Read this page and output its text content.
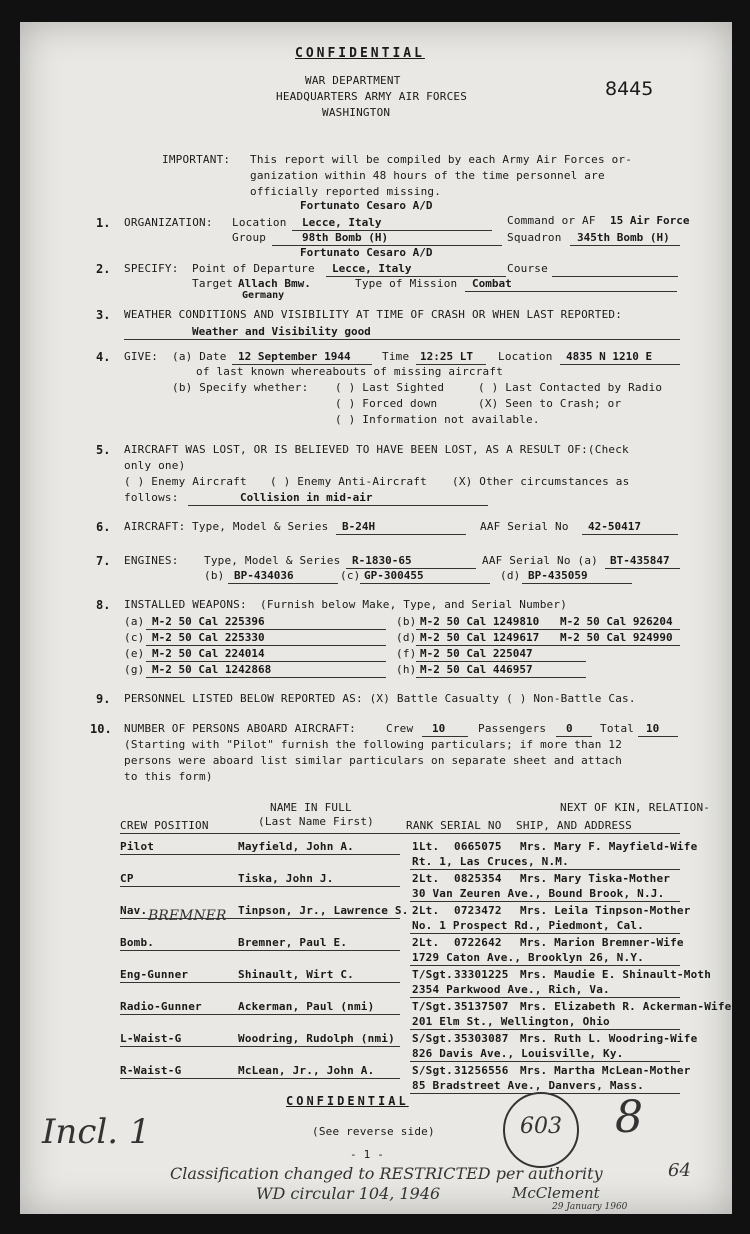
CONFIDENTIAL
WAR DEPARTMENT
HEADQUARTERS ARMY AIR FORCES
WASHINGTON
8445
IMPORTANT: This report will be compiled by each Army Air Forces or-
ganization within 48 hours of the time personnel are
officially reported missing.
Fortunato Cesaro A/D
1. ORGANIZATION: Location Lecce, Italy	Command or AF 15 Air Force
Group	98th Bomb (H)	Squadron 345th Bomb (H)
Fortunato Cesaro A/D
2. SPECIFY: Point of Departure Lecce, Italy	Course
Target Allach Bmw.
Germany
Type of Mission Combat
3. WEATHER CONDITIONS AND VISIBILITY AT TIME OF CRASH OR WHEN LAST REPORTED:
Weather and Visibility good
4. GIVE: (a) Date 12 September 1944	Time 12:25 LT Location 4835 N 1210 E
of last known whereabouts of missing aircraft
(b) Specify whether: ( ) Last Sighted	( ) Last Contacted by Radio
( ) Forced down	(X) Seen to Crash; or
( ) Information not available.
5. AIRCRAFT WAS LOST, OR IS BELIEVED TO HAVE BEEN LOST, AS A RESULT OF:(Check
only one)
( ) Enemy Aircraft ( ) Enemy Anti-Aircraft (X) Other circumstances as
follows:	Collision in mid-air
6. AIRCRAFT: Type, Model & Series B-24H	AAF Serial No 42-50417
7. ENGINES: Type, Model & Series R-1830-65	AAF Serial No (a) BT-435847
(b) BP-434036	(c) GP-300455	(d) BP-435059
8. INSTALLED WEAPONS: (Furnish below Make, Type, and Serial Number)
(a) M-2 50 Cal 225396	(b) M-2 50 Cal 1249810 M-2 50 Cal 926204
(c) M-2 50 Cal 225330	(d) M-2 50 Cal 1249617 M-2 50 Cal 924990
(e) M-2 50 Cal 224014	(f) M-2 50 Cal 225047
(g) M-2 50 Cal 1242868	(h) M-2 50 Cal 446957
9. PERSONNEL LISTED BELOW REPORTED AS: (X) Battle Casualty ( ) Non-Battle Cas.
10. NUMBER OF PERSONS ABOARD AIRCRAFT:	Crew 10	Passengers 0 Total 10
(Starting with "Pilot" furnish the following particulars; if more than 12
persons were aboard list similar particulars on separate sheet and attach
to this form)
NAME IN FULL
(Last Name First)
NEXT OF KIN, RELATION-
CREW POSITION	RANK SERIAL NO SHIP, AND ADDRESS
Pilot	Mayfield, John A.	1Lt. 0665075 Mrs. Mary F. Mayfield-Wife
Rt. 1, Las Cruces, N.M.
CP	Tiska, John J.	2Lt. 0825354 Mrs. Mary Tiska-Mother
30 Van Zeuren Ave., Bound Brook, N.J.
Nav.	Tinpson, Jr., Lawrence S. 2Lt. 0723472 Mrs. Leila Tinpson-Mother
No. 1 Prospect Rd., Piedmont, Cal.
Bomb.	Bremner, Paul E.	2Lt. 0722642 Mrs. Marion Bremner-Wife
1729 Caton Ave., Brooklyn 26, N.Y.
Eng-Gunner	Shinault, Wirt C.	T/Sgt. 33301225 Mrs. Maudie E. Shinault-Moth
2354 Parkwood Ave., Rich, Va.
Radio-Gunner	Ackerman, Paul (nmi)	T/Sgt. 35137507 Mrs. Elizabeth R. Ackerman-Wife
201 Elm St., Wellington, Ohio
L-Waist-G	Woodring, Rudolph (nmi) S/Sgt. 35303087 Mrs. Ruth L. Woodring-Wife
826 Davis Ave., Louisville, Ky.
R-Waist-G	McLean, Jr., John A.	S/Sgt. 31256556 Mrs. Martha McLean-Mother
85 Bradstreet Ave., Danvers, Mass.
CONFIDENTIAL
(See reverse side)
- 1 -
603
Incl. 1	8
Classification changed to RESTRICTED per authority	64
WD circular 104, 1946	McClement
29 January 1960
BREMNER
